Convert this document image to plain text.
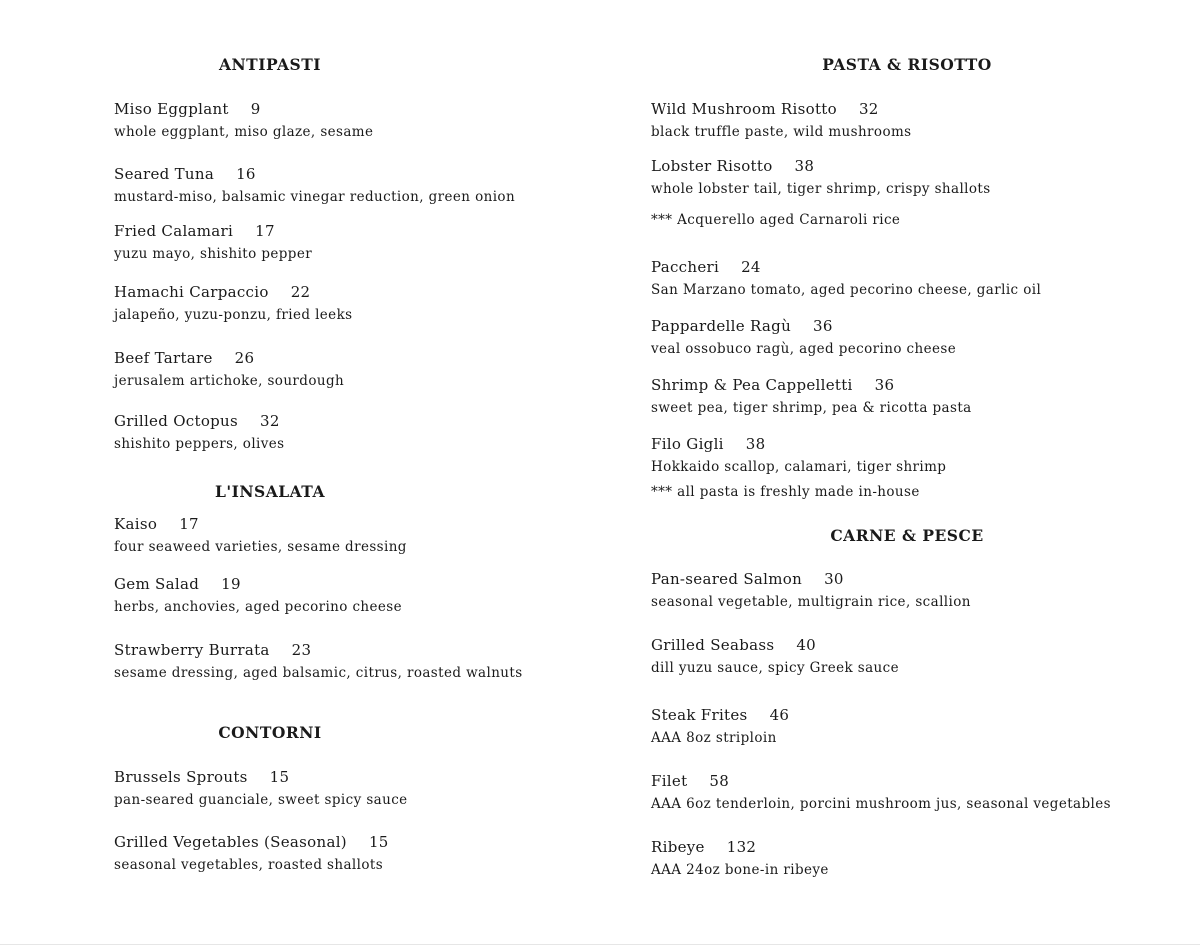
ANTIPASTI
Miso Eggplant 9
whole eggplant, miso glaze, sesame
Seared Tuna 16
mustard-miso, balsamic vinegar reduction, green onion
Fried Calamari 17
yuzu mayo, shishito pepper
Hamachi Carpaccio 22
jalapeño, yuzu-ponzu, fried leeks
Beef Tartare 26
jerusalem artichoke, sourdough
Grilled Octopus 32
shishito peppers, olives
L'INSALATA
Kaiso 17
four seaweed varieties, sesame dressing
Gem Salad 19
herbs, anchovies, aged pecorino cheese
Strawberry Burrata 23
sesame dressing, aged balsamic, citrus, roasted walnuts
CONTORNI
Brussels Sprouts 15
pan-seared guanciale, sweet spicy sauce
Grilled Vegetables (Seasonal) 15
seasonal vegetables, roasted shallots
PASTA & RISOTTO
Wild Mushroom Risotto 32
black truffle paste, wild mushrooms
Lobster Risotto 38
whole lobster tail, tiger shrimp, crispy shallots
*** Acquerello aged Carnaroli rice
Paccheri 24
San Marzano tomato, aged pecorino cheese, garlic oil
Pappardelle Ragù 36
veal ossobuco ragù, aged pecorino cheese
Shrimp & Pea Cappelletti 36
sweet pea, tiger shrimp, pea & ricotta pasta
Filo Gigli 38
Hokkaido scallop, calamari, tiger shrimp
*** all pasta is freshly made in-house
CARNE & PESCE
Pan-seared Salmon 30
seasonal vegetable, multigrain rice, scallion
Grilled Seabass 40
dill yuzu sauce, spicy Greek sauce
Steak Frites 46
AAA 8oz striploin
Filet 58
AAA 6oz tenderloin, porcini mushroom jus, seasonal vegetables
Ribeye 132
AAA 24oz bone-in ribeye
